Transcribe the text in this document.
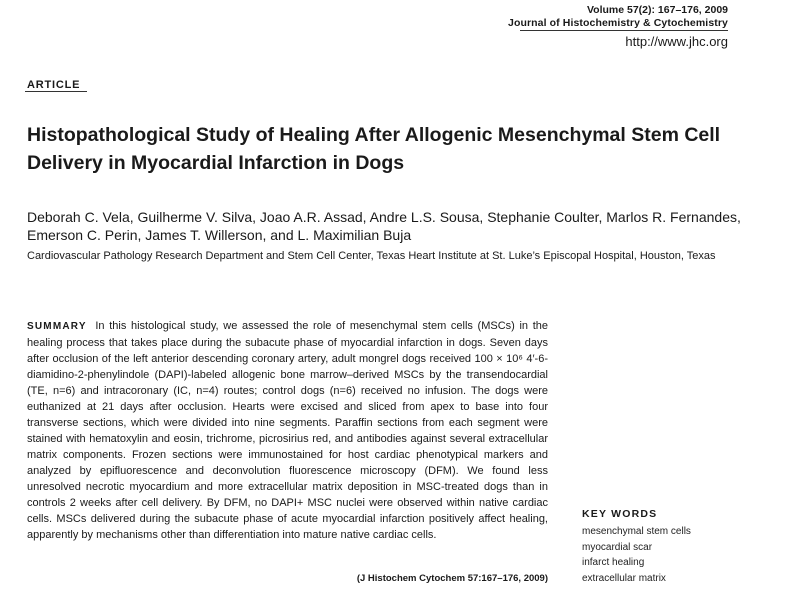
Volume 57(2): 167–176, 2009
Journal of Histochemistry & Cytochemistry
http://www.jhc.org
ARTICLE
Histopathological Study of Healing After Allogenic Mesenchymal Stem Cell Delivery in Myocardial Infarction in Dogs
Deborah C. Vela, Guilherme V. Silva, Joao A.R. Assad, Andre L.S. Sousa, Stephanie Coulter, Marlos R. Fernandes, Emerson C. Perin, James T. Willerson, and L. Maximilian Buja
Cardiovascular Pathology Research Department and Stem Cell Center, Texas Heart Institute at St. Luke’s Episcopal Hospital, Houston, Texas
SUMMARY In this histological study, we assessed the role of mesenchymal stem cells (MSCs) in the healing process that takes place during the subacute phase of myocardial infarction in dogs. Seven days after occlusion of the left anterior descending coronary artery, adult mongrel dogs received 100 × 10⁶ 4′-6-diamidino-2-phenylindole (DAPI)-labeled allogenic bone marrow–derived MSCs by the transendocardial (TE, n=6) and intracoronary (IC, n=4) routes; control dogs (n=6) received no infusion. The dogs were euthanized at 21 days after occlusion. Hearts were excised and sliced from apex to base into four transverse sections, which were divided into nine segments. Paraffin sections from each segment were stained with hematoxylin and eosin, trichrome, picrosirius red, and antibodies against several extracellular matrix components. Frozen sections were immunostained for host cardiac phenotypical markers and analyzed by epifluorescence and deconvolution fluorescence microscopy (DFM). We found less unresolved necrotic myocardium and more extracellular matrix deposition in MSC-treated dogs than in controls 2 weeks after cell delivery. By DFM, no DAPI+ MSC nuclei were observed within native cardiac cells. MSCs delivered during the subacute phase of acute myocardial infarction positively affect healing, apparently by mechanisms other than differentiation into mature native cardiac cells.
(J Histochem Cytochem 57:167–176, 2009)
KEY WORDS
mesenchymal stem cells
myocardial scar
infarct healing
extracellular matrix
